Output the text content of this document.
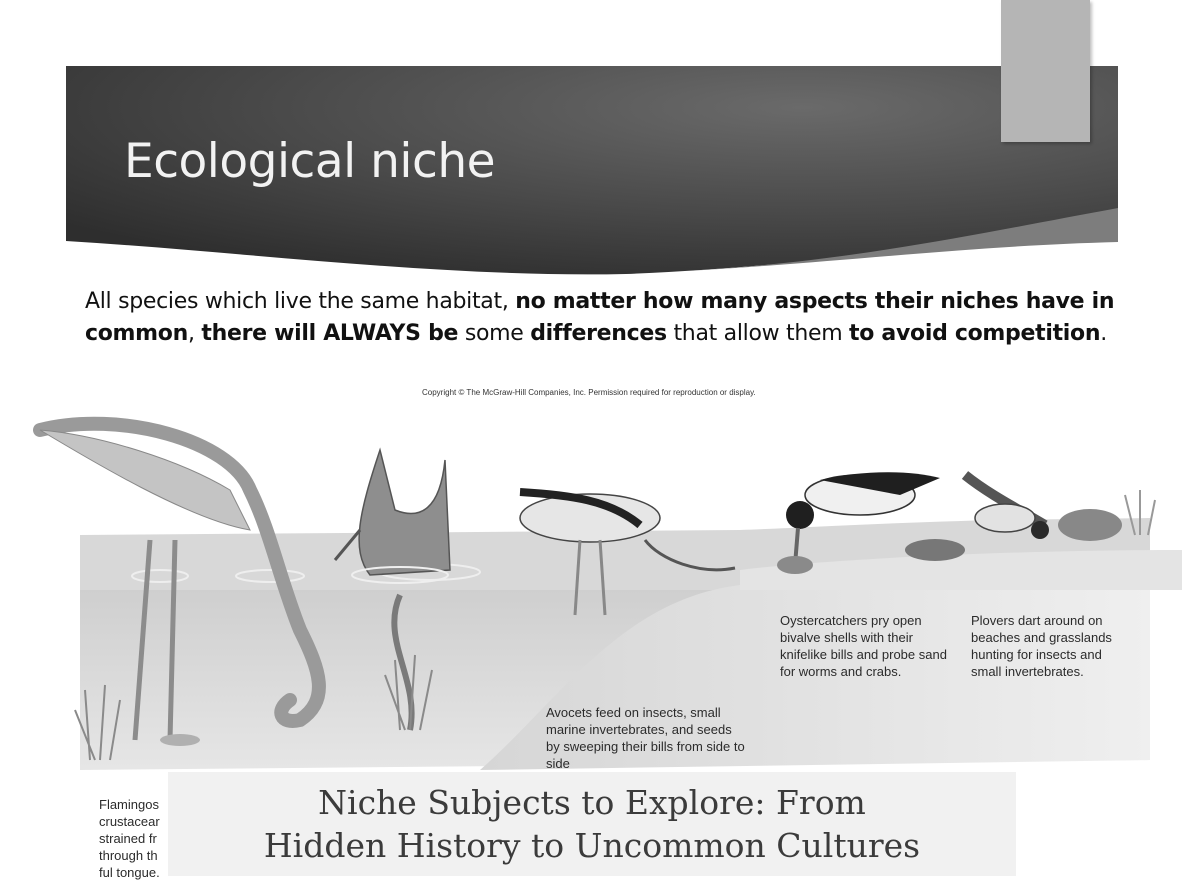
Ecological niche

All species which live the same habitat, no matter how many aspects their niches have in common, there will ALWAYS be some differences that allow them to avoid competition.

Copyright © The McGraw-Hill Companies, Inc. Permission required for reproduction or display.

Oystercatchers pry open bivalve shells with their knifelike bills and probe sand for worms and crabs.

Plovers dart around on beaches and grasslands hunting for insects and small invertebrates.

Avocets feed on insects, small marine invertebrates, and seeds by sweeping their bills from side to side

Flamingos
crustacear
strained fr
through th
ful tongue.

Niche Subjects to Explore: From Hidden History to Uncommon Cultures
